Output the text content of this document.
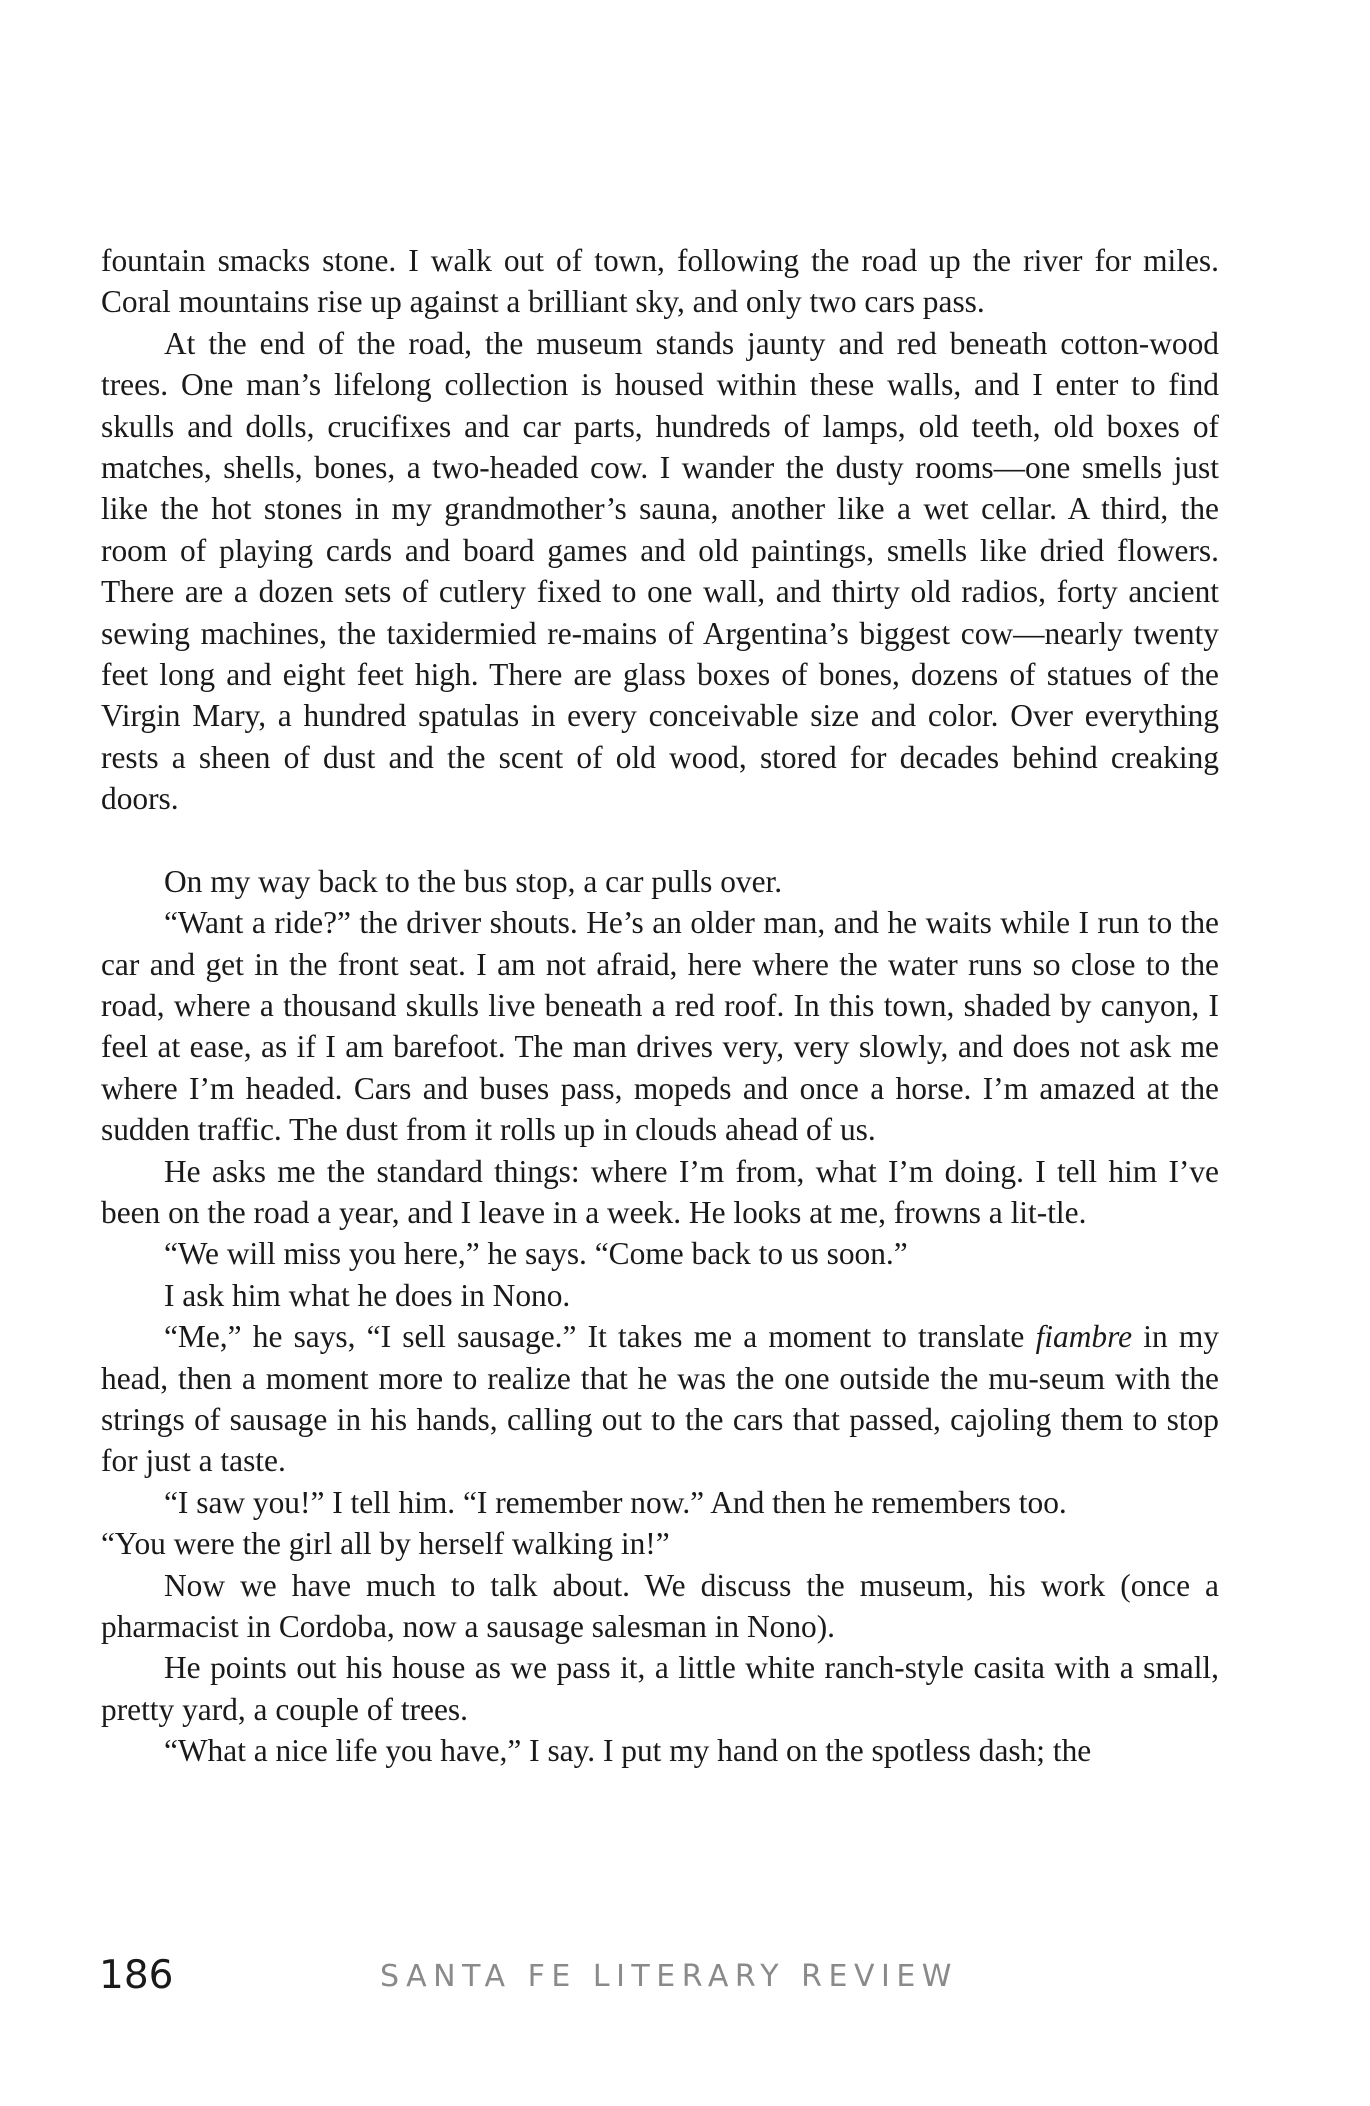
fountain smacks stone. I walk out of town, following the road up the river for miles. Coral mountains rise up against a brilliant sky, and only two cars pass.

At the end of the road, the museum stands jaunty and red beneath cotton-wood trees. One man’s lifelong collection is housed within these walls, and I enter to find skulls and dolls, crucifixes and car parts, hundreds of lamps, old teeth, old boxes of matches, shells, bones, a two-headed cow. I wander the dusty rooms—one smells just like the hot stones in my grandmother’s sauna, another like a wet cellar. A third, the room of playing cards and board games and old paintings, smells like dried flowers. There are a dozen sets of cutlery fixed to one wall, and thirty old radios, forty ancient sewing machines, the taxidermied re-mains of Argentina’s biggest cow—nearly twenty feet long and eight feet high. There are glass boxes of bones, dozens of statues of the Virgin Mary, a hundred spatulas in every conceivable size and color. Over everything rests a sheen of dust and the scent of old wood, stored for decades behind creaking doors.

On my way back to the bus stop, a car pulls over.

“Want a ride?” the driver shouts. He’s an older man, and he waits while I run to the car and get in the front seat. I am not afraid, here where the water runs so close to the road, where a thousand skulls live beneath a red roof. In this town, shaded by canyon, I feel at ease, as if I am barefoot. The man drives very, very slowly, and does not ask me where I’m headed. Cars and buses pass, mopeds and once a horse. I’m amazed at the sudden traffic. The dust from it rolls up in clouds ahead of us.

He asks me the standard things: where I’m from, what I’m doing. I tell him I’ve been on the road a year, and I leave in a week. He looks at me, frowns a lit-tle.

“We will miss you here,” he says. “Come back to us soon.”

I ask him what he does in Nono.

“Me,” he says, “I sell sausage.” It takes me a moment to translate fiambre in my head, then a moment more to realize that he was the one outside the mu-seum with the strings of sausage in his hands, calling out to the cars that passed, cajoling them to stop for just a taste.

“I saw you!” I tell him. “I remember now.” And then he remembers too.

“You were the girl all by herself walking in!”

Now we have much to talk about. We discuss the museum, his work (once a pharmacist in Cordoba, now a sausage salesman in Nono).

He points out his house as we pass it, a little white ranch-style casita with a small, pretty yard, a couple of trees.

“What a nice life you have,” I say. I put my hand on the spotless dash; the

186	SANTA FE LITERARY REVIEW
